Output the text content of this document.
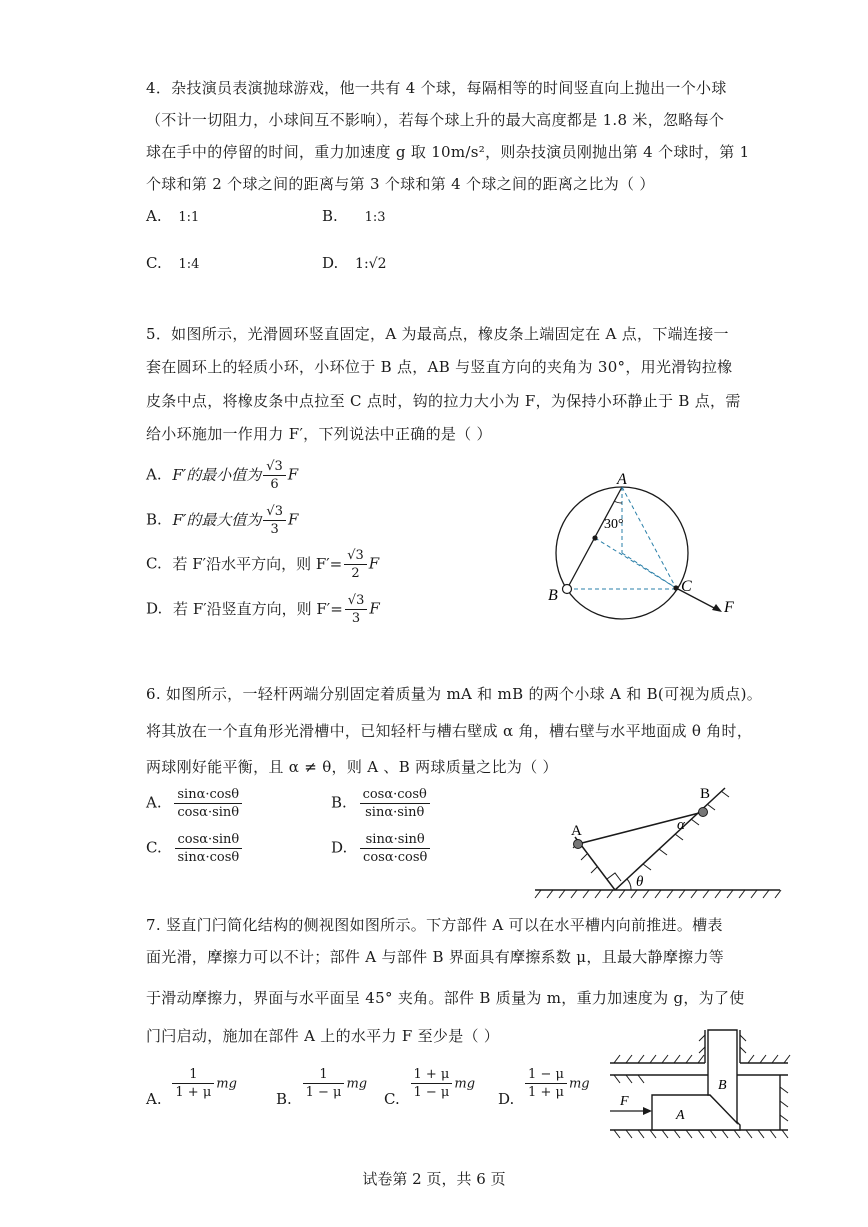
4．杂技演员表演抛球游戏，他一共有 4 个球，每隔相等的时间竖直向上抛出一个小球
（不计一切阻力，小球间互不影响），若每个球上升的最大高度都是 1.8 米，忽略每个
球在手中的停留的时间，重力加速度 g 取 10m/s²，则杂技演员刚抛出第 4 个球时，第 1
个球和第 2 个球之间的距离与第 3 个球和第 4 个球之间的距离之比为（ ）
A. 1:1	B. 1:3
C. 1:4	D. 1:√2
5．如图所示，光滑圆环竖直固定，A 为最高点，橡皮条上端固定在 A 点，下端连接一
套在圆环上的轻质小环，小环位于 B 点，AB 与竖直方向的夹角为 30°，用光滑钩拉橡
皮条中点，将橡皮条中点拉至 C 点时，钩的拉力大小为 F，为保持小环静止于 B 点，需
给小环施加一作用力 F′，下列说法中正确的是（ ）
A. F′的最小值为 $\frac{√3}{6}$ F
B. F′的最大值为 $\frac{√3}{3}$ F
C. 若 F′沿水平方向，则 $F'= \frac{√3}{2}$ F
D. 若 F′沿竖直方向，则 $F'= \frac{√3}{3}$ F
A
B
C
F
30°
6. 如图所示，一轻杆两端分别固定着质量为 mA 和 mB 的两个小球 A 和 B(可视为质点)。
将其放在一个直角形光滑槽中，已知轻杆与槽右壁成 α 角，槽右壁与水平地面成 θ 角时，
两球刚好能平衡，且 α ≠ θ，则 A 、B 两球质量之比为（ ）
A. $\frac{\sin\alpha\cdot\cos\theta}{\cos\alpha\cdot\sin\theta}$	B. $\frac{\cos\alpha\cdot\cos\theta}{\sin\alpha\cdot\sin\theta}$
C. $\frac{\cos\alpha\cdot\sin\theta}{\sin\alpha\cdot\cos\theta}$	D. $\frac{\sin\alpha\cdot\sin\theta}{\cos\alpha\cdot\cos\theta}$	A
B
α
θ
7. 竖直门闩简化结构的侧视图如图所示。下方部件 A 可以在水平槽内向前推进。槽表
面光滑，摩擦力可以不计；部件 A 与部件 B 界面具有摩擦系数 μ，且最大静摩擦力等
于滑动摩擦力，界面与水平面呈 45° 夹角。部件 B 质量为 m，重力加速度为 g，为了使
门闩启动，施加在部件 A 上的水平力 F 至少是（ ）
A. $\frac{1}{1 + \mu}$ mg
B. $\frac{1}{1 - \mu}$ mg
C. $\frac{1 + \mu}{1 - \mu}$ mg
D. $\frac{1 - \mu}{1 + \mu}$ mg
F
A
B
试卷第 2 页，共 6 页
